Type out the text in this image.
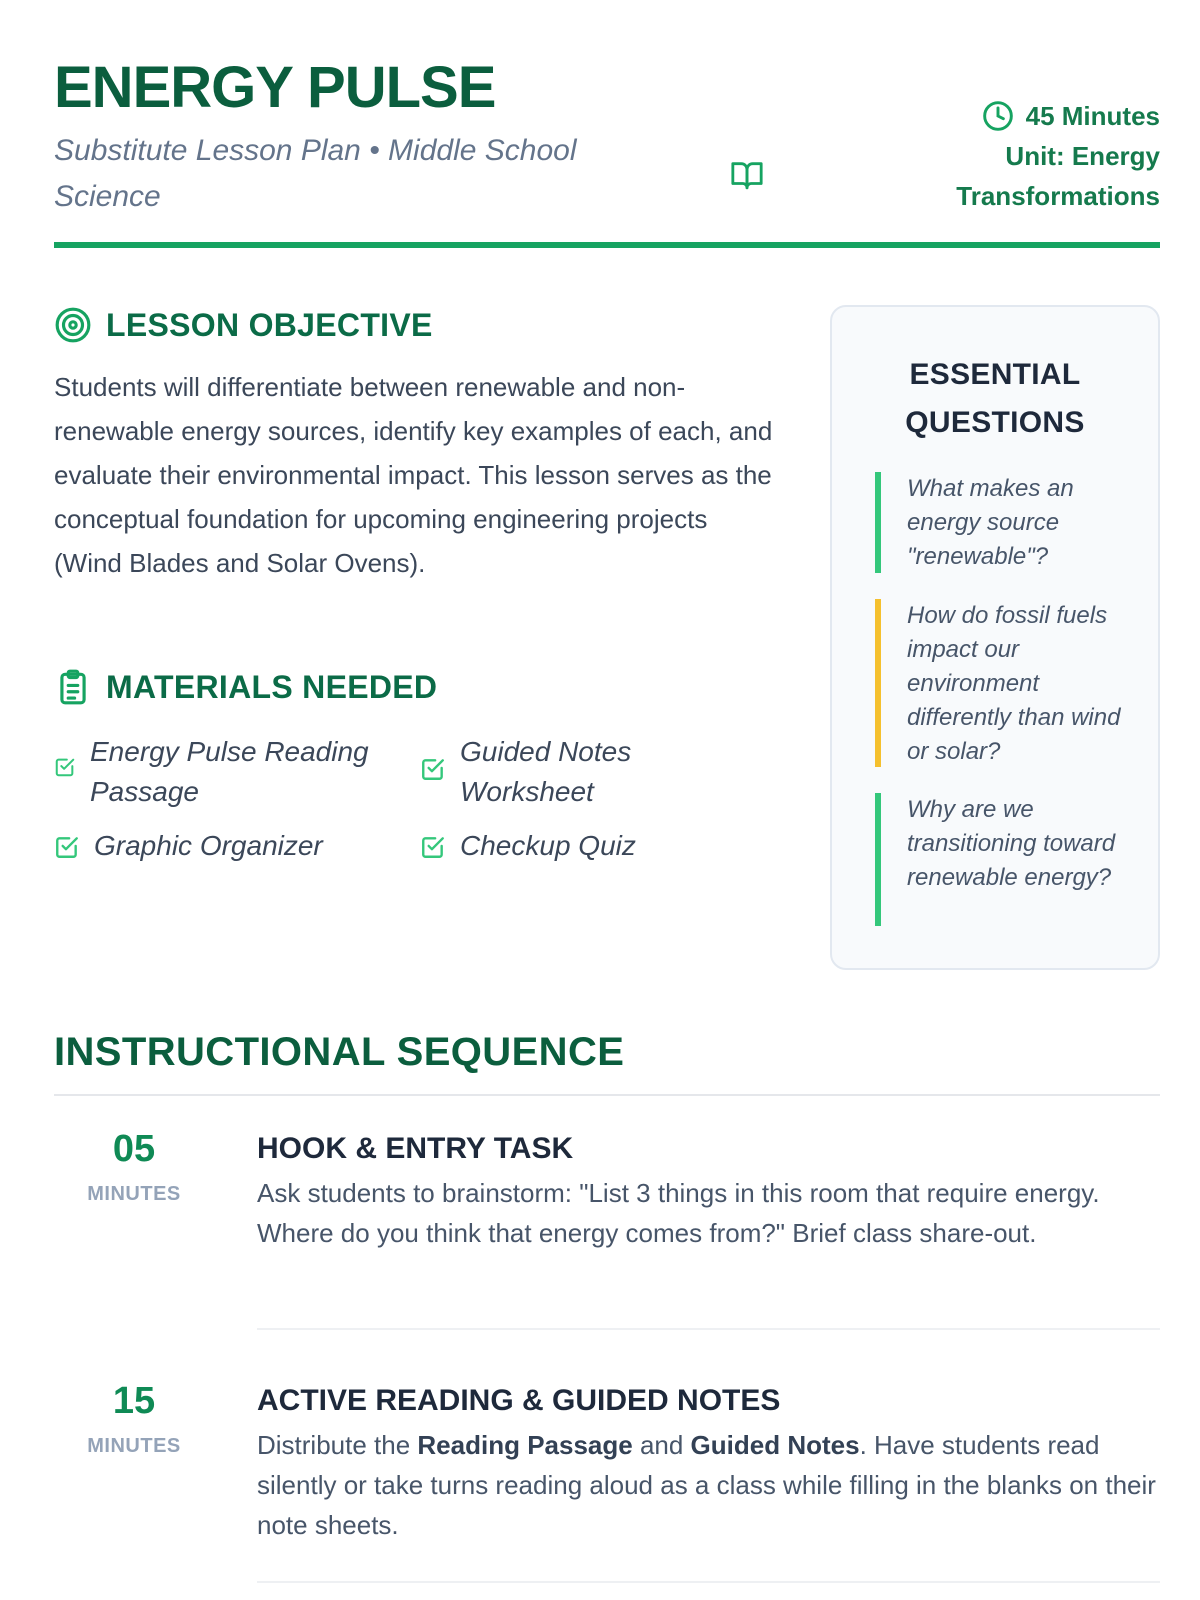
ENERGY PULSE
Substitute Lesson Plan • Middle School Science
45 Minutes
Unit: Energy Transformations
LESSON OBJECTIVE

Students will differentiate between renewable and non-renewable energy sources, identify key examples of each, and evaluate their environmental impact. This lesson serves as the conceptual foundation for upcoming engineering projects (Wind Blades and Solar Ovens).

MATERIALS NEEDED
Energy Pulse Reading Passage
Guided Notes Worksheet
Graphic Organizer	Checkup Quiz
ESSENTIAL QUESTIONS
What makes an energy source "renewable"?
How do fossil fuels impact our environment differently than wind or solar?
Why are we transitioning toward renewable energy?
INSTRUCTIONAL SEQUENCE
05
MINUTES
HOOK & ENTRY TASK

Ask students to brainstorm: "List 3 things in this room that require energy. Where do you think that energy comes from?" Brief class share-out.

15
MINUTES
ACTIVE READING & GUIDED NOTES

Distribute the Reading Passage and Guided Notes. Have students read silently or take turns reading aloud as a class while filling in the blanks on their note sheets.
